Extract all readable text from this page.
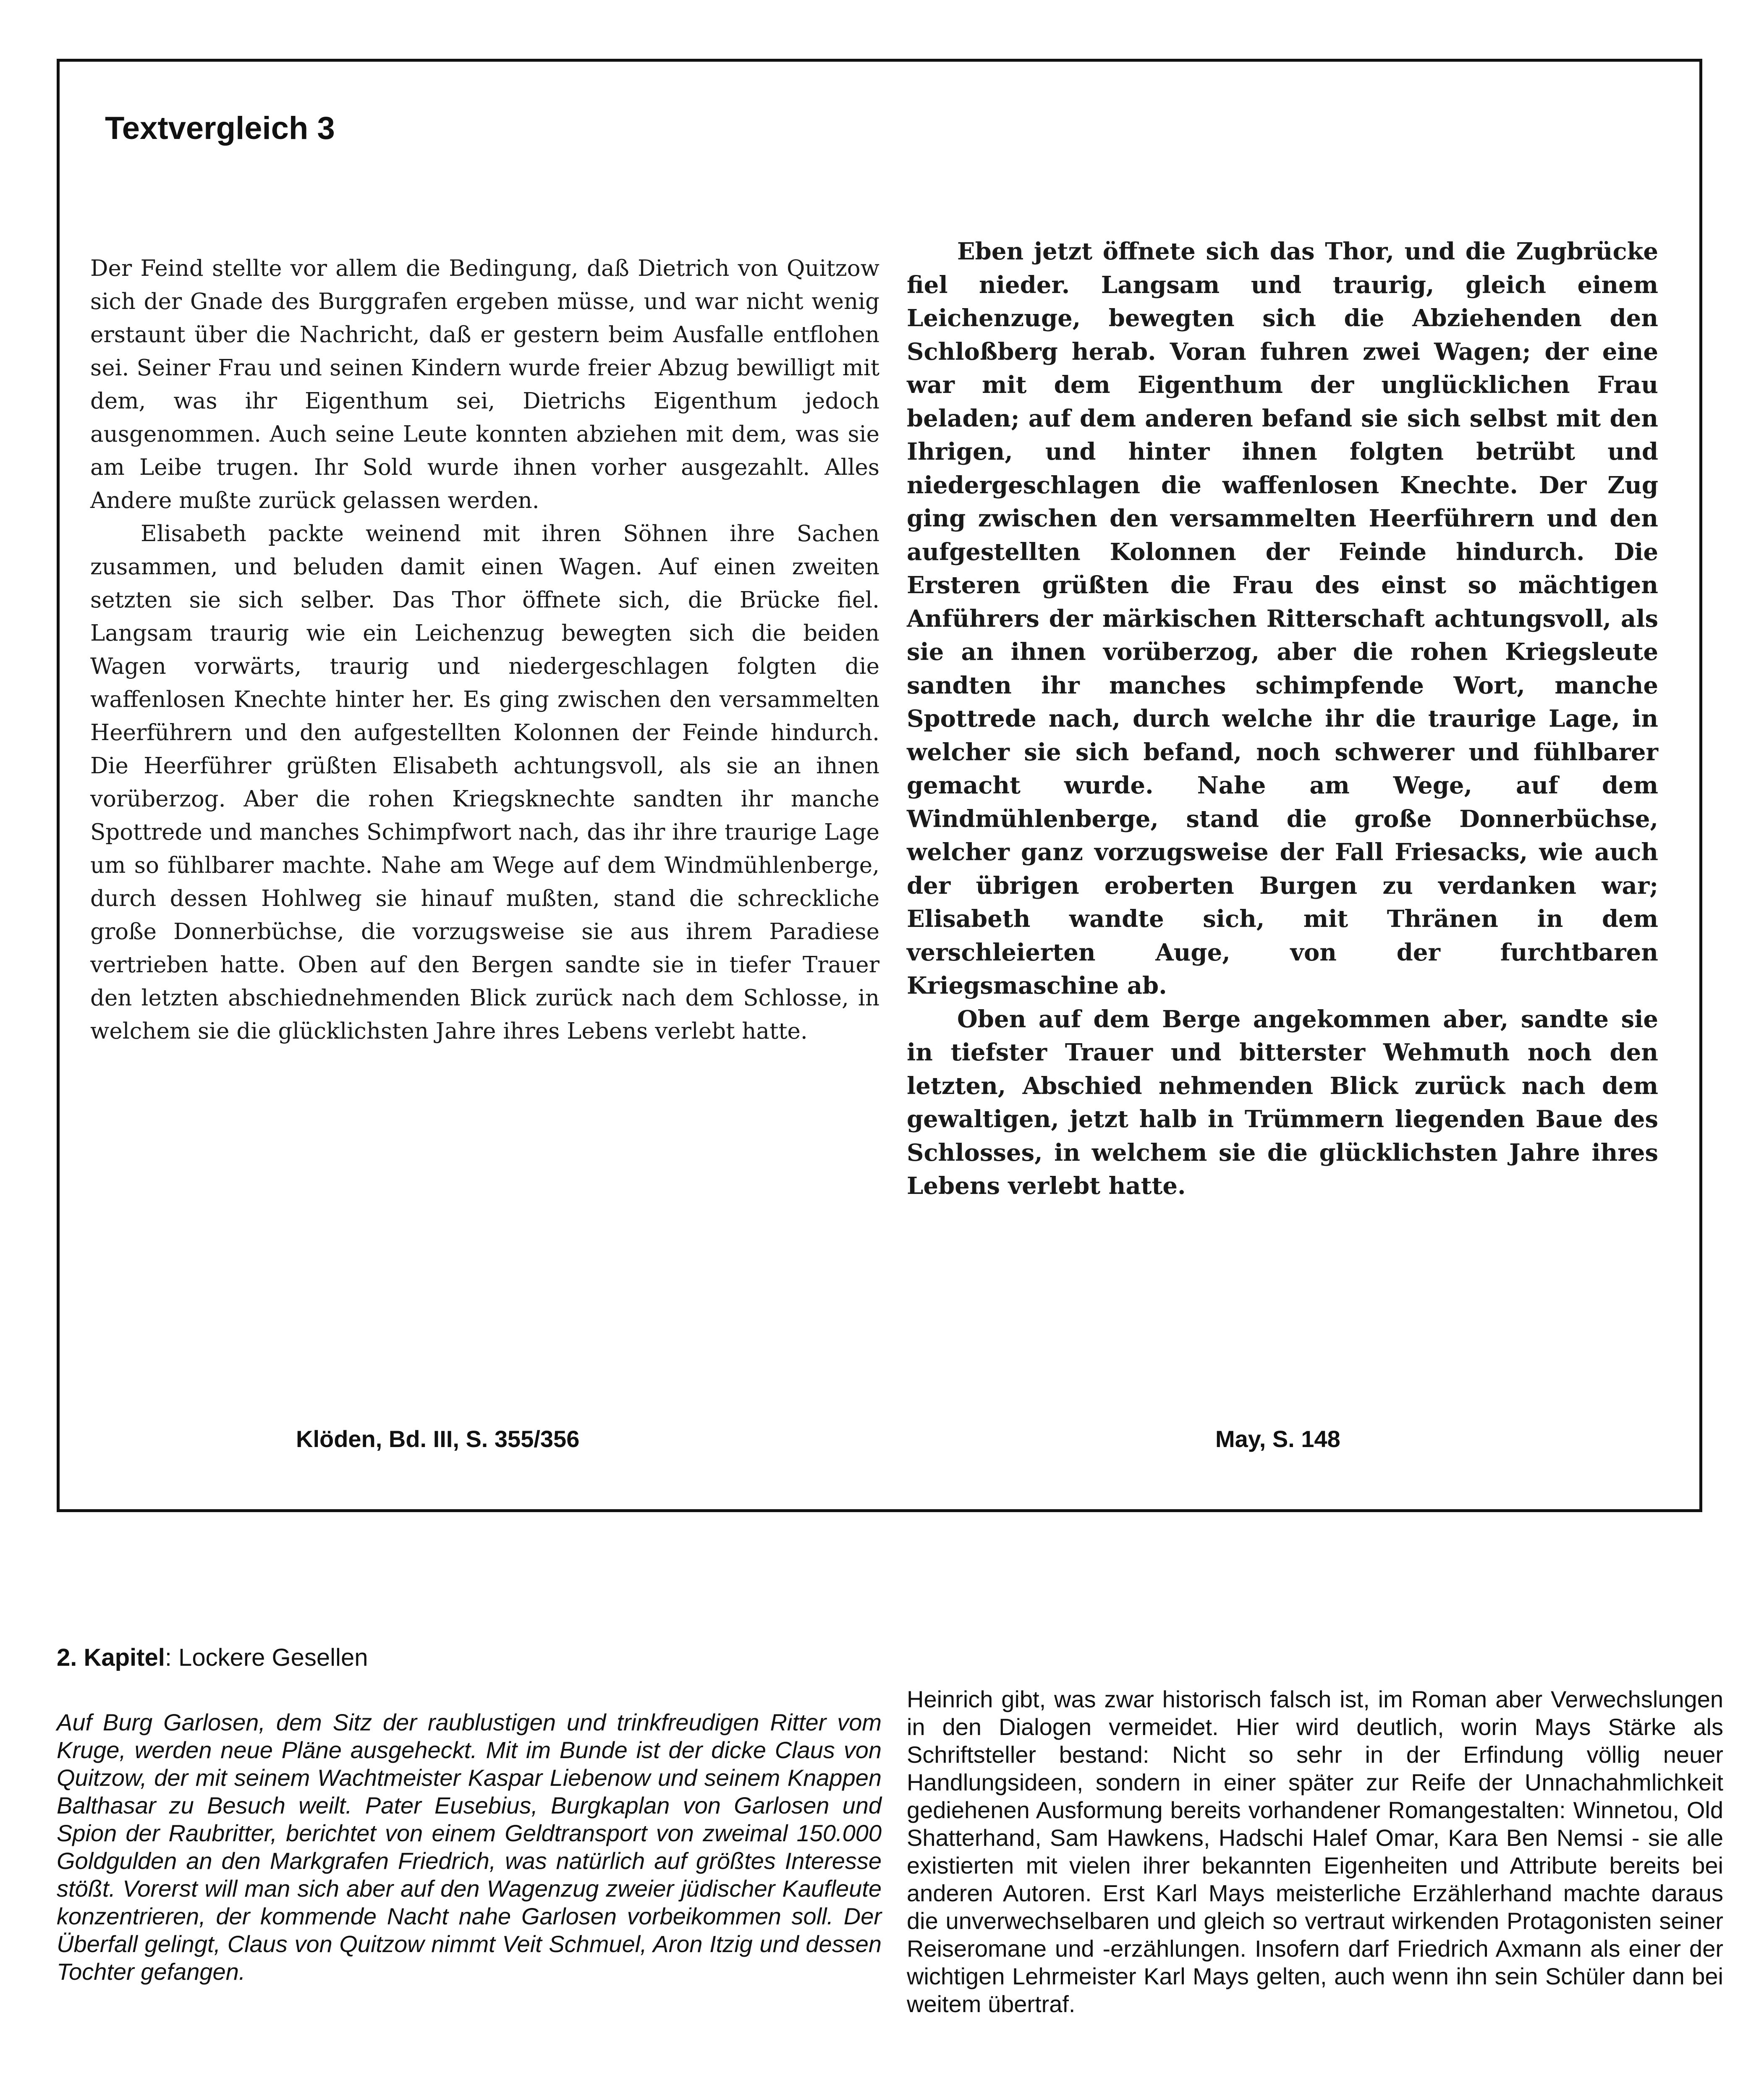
Textvergleich 3

Der Feind stellte vor allem die Bedingung, daß Dietrich von Quitzow sich der Gnade des Burggrafen ergeben müsse, und war nicht wenig erstaunt über die Nachricht, daß er gestern beim Ausfalle entflohen sei. Seiner Frau und seinen Kindern wurde freier Abzug bewilligt mit dem, was ihr Eigenthum sei, Dietrichs Eigenthum jedoch ausgenommen. Auch seine Leute konnten abziehen mit dem, was sie am Leibe trugen. Ihr Sold wurde ihnen vorher ausgezahlt. Alles Andere mußte zurück gelassen werden.

Elisabeth packte weinend mit ihren Söhnen ihre Sachen zusammen, und beluden damit einen Wagen. Auf einen zweiten setzten sie sich selber. Das Thor öffnete sich, die Brücke fiel. Langsam traurig wie ein Leichenzug bewegten sich die beiden Wagen vorwärts, traurig und niedergeschlagen folgten die waffenlosen Knechte hinter her. Es ging zwischen den versammelten Heerführern und den aufgestellten Kolonnen der Feinde hindurch. Die Heerführer grüßten Elisabeth achtungsvoll, als sie an ihnen vorüberzog. Aber die rohen Kriegsknechte sandten ihr manche Spottrede und manches Schimpfwort nach, das ihr ihre traurige Lage um so fühlbarer machte. Nahe am Wege auf dem Windmühlenberge, durch dessen Hohlweg sie hinauf mußten, stand die schreckliche große Donnerbüchse, die vorzugsweise sie aus ihrem Paradiese vertrieben hatte. Oben auf den Bergen sandte sie in tiefer Trauer den letzten abschiednehmenden Blick zurück nach dem Schlosse, in welchem sie die glücklichsten Jahre ihres Lebens verlebt hatte.

Eben jetzt öffnete sich das Thor, und die Zugbrücke fiel nieder. Langsam und traurig, gleich einem Leichenzuge, bewegten sich die Abziehenden den Schloßberg herab. Voran fuhren zwei Wagen; der eine war mit dem Eigenthum der unglücklichen Frau beladen; auf dem anderen befand sie sich selbst mit den Ihrigen, und hinter ihnen folgten betrübt und niedergeschlagen die waffenlosen Knechte. Der Zug ging zwischen den versammelten Heerführern und den aufgestellten Kolonnen der Feinde hindurch. Die Ersteren grüßten die Frau des einst so mächtigen Anführers der märkischen Ritterschaft achtungsvoll, als sie an ihnen vorüberzog, aber die rohen Kriegsleute sandten ihr manches schimpfende Wort, manche Spottrede nach, durch welche ihr die traurige Lage, in welcher sie sich befand, noch schwerer und fühlbarer gemacht wurde. Nahe am Wege, auf dem Windmühlenberge, stand die große Donnerbüchse, welcher ganz vorzugsweise der Fall Friesacks, wie auch der übrigen eroberten Burgen zu verdanken war; Elisabeth wandte sich, mit Thränen in dem verschleierten Auge, von der furchtbaren Kriegsmaschine ab.

Oben auf dem Berge angekommen aber, sandte sie in tiefster Trauer und bitterster Wehmuth noch den letzten, Abschied nehmenden Blick zurück nach dem gewaltigen, jetzt halb in Trümmern liegenden Baue des Schlosses, in welchem sie die glücklichsten Jahre ihres Lebens verlebt hatte.

Klöden, Bd. III, S. 355/356	May, S. 148
2. Kapitel: Lockere Gesellen
Auf Burg Garlosen, dem Sitz der raublustigen und trinkfreudigen Ritter vom Kruge, werden neue Pläne ausgeheckt. Mit im Bunde ist der dicke Claus von Quitzow, der mit seinem Wachtmeister Kaspar Liebenow und seinem Knappen Balthasar zu Besuch weilt. Pater Eusebius, Burgkaplan von Garlosen und Spion der Raubritter, berichtet von einem Geldtransport von zweimal 150.000 Goldgulden an den Markgrafen Friedrich, was natürlich auf größtes Interesse stößt. Vorerst will man sich aber auf den Wagenzug zweier jüdischer Kaufleute konzentrieren, der kommende Nacht nahe Garlosen vorbeikommen soll. Der Überfall gelingt, Claus von Quitzow nimmt Veit Schmuel, Aron Itzig und dessen Tochter gefangen.
Heinrich gibt, was zwar historisch falsch ist, im Roman aber Verwechslungen in den Dialogen vermeidet. Hier wird deutlich, worin Mays Stärke als Schriftsteller bestand: Nicht so sehr in der Erfindung völlig neuer Handlungsideen, sondern in einer später zur Reife der Unnachahmlichkeit gediehenen Ausformung bereits vorhandener Romangestalten: Winnetou, Old Shatterhand, Sam Hawkens, Hadschi Halef Omar, Kara Ben Nemsi - sie alle existierten mit vielen ihrer bekannten Eigenheiten und Attribute bereits bei anderen Autoren. Erst Karl Mays meisterliche Erzählerhand machte daraus die unverwechselbaren und gleich so vertraut wirkenden Protagonisten seiner Reiseromane und -erzählungen. Insofern darf Friedrich Axmann als einer der wichtigen Lehrmeister Karl Mays gelten, auch wenn ihn sein Schüler dann bei weitem übertraf.
